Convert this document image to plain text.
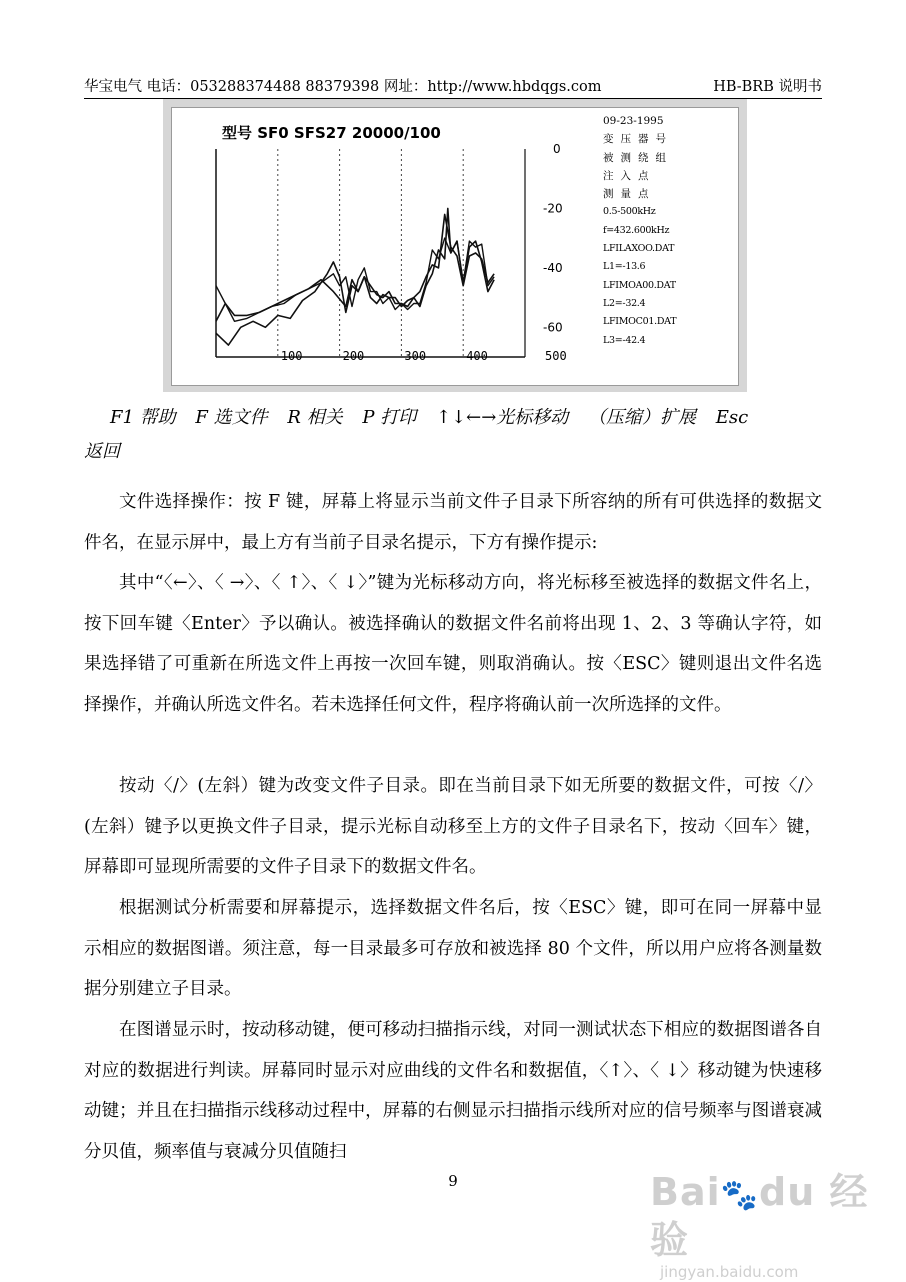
华宝电气 电话：053288374488 88379398 网址：http://www.hbdqgs.com	HB-BRB 说明书
型号 SF0 SFS27 20000/100
100	200	300	400	500
0
-20
-40
-60
09-23-1995
变压器号
被测绕组
注入点
测量点
0.5-500kHz
f=432.600kHz
LFILAXOO.DAT
L1=-13.6
LFIMOA00.DAT
L2=-32.4
LFIMOC01.DAT
L3=-42.4
F1 帮助 F 选文件 R 相关 P 打印 ↑↓←→光标移动 （压缩）扩展 Esc
返回
文件选择操作：按 F 键，屏幕上将显示当前文件子目录下所容纳的所有可供选择的数据文件名，在显示屏中，最上方有当前子目录名提示，下方有操作提示:
其中“〈←〉、〈 →〉、〈 ↑〉、〈 ↓〉”键为光标移动方向，将光标移至被选择的数据文件名上，按下回车键〈Enter〉予以确认。被选择确认的数据文件名前将出现 1、2、3 等确认字符，如果选择错了可重新在所选文件上再按一次回车键，则取消确认。按〈ESC〉键则退出文件名选择操作，并确认所选文件名。若未选择任何文件，程序将确认前一次所选择的文件。
按动〈/〉(左斜）键为改变文件子目录。即在当前目录下如无所要的数据文件，可按〈/〉(左斜）键予以更换文件子目录，提示光标自动移至上方的文件子目录名下，按动〈回车〉键，屏幕即可显现所需要的文件子目录下的数据文件名。
根据测试分析需要和屏幕提示，选择数据文件名后，按〈ESC〉键，即可在同一屏幕中显示相应的数据图谱。须注意，每一目录最多可存放和被选择 80 个文件，所以用户应将各测量数据分别建立子目录。
在图谱显示时，按动移动键，便可移动扫描指示线，对同一测试状态下相应的数据图谱各自对应的数据进行判读。屏幕同时显示对应曲线的文件名和数据值，〈↑〉、〈 ↓〉移动键为快速移动键；并且在扫描指示线移动过程中，屏幕的右侧显示扫描指示线所对应的信号频率与图谱衰减分贝值，频率值与衰减分贝值随扫
9	Bai🐾du 经验
jingyan.baidu.com
